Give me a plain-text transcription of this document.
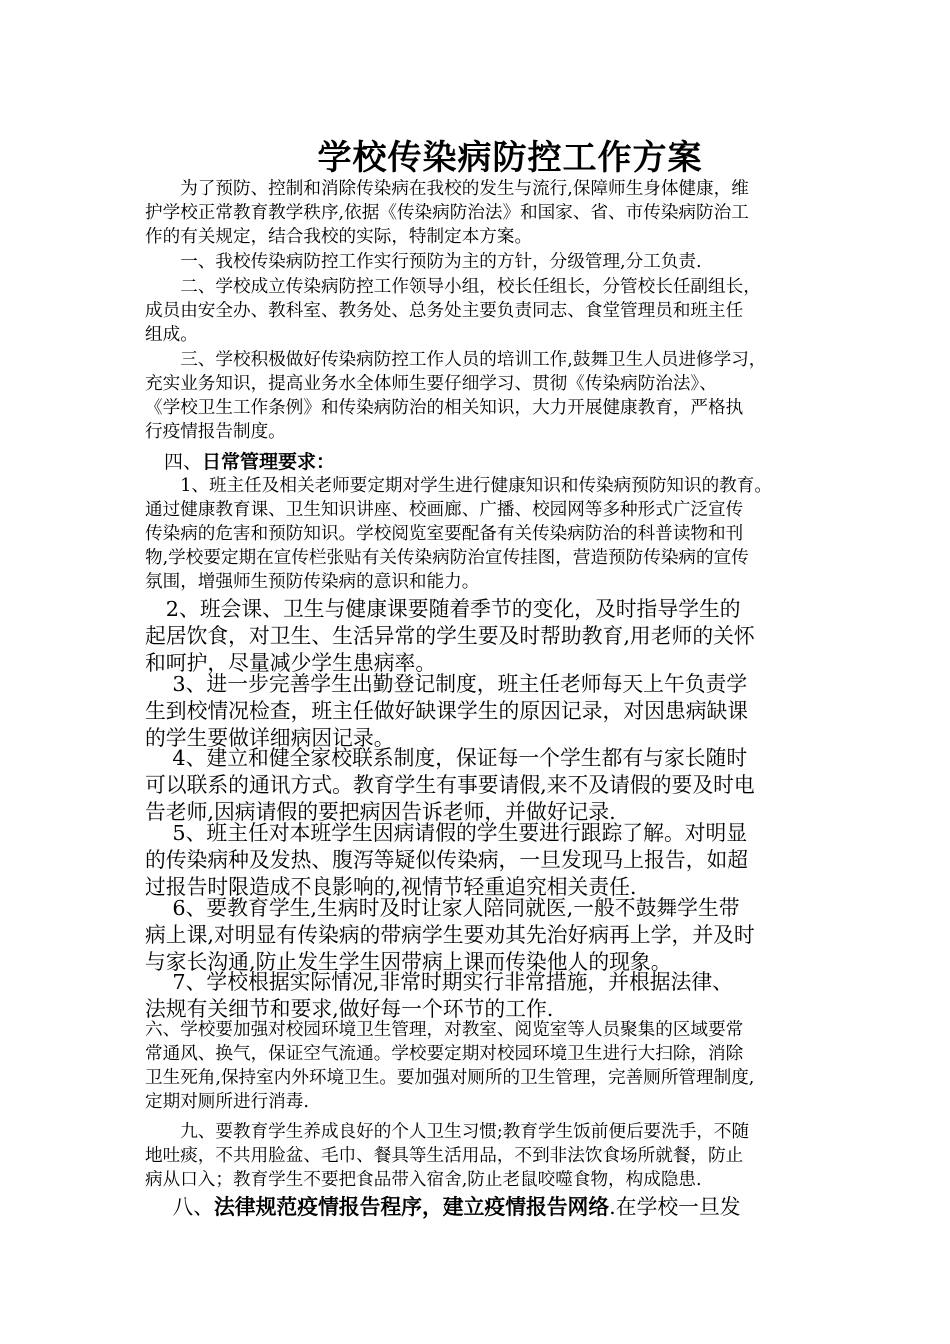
学校传染病防控工作方案
　　为了预防、控制和消除传染病在我校的发生与流行,保障师生身体健康，维
护学校正常教育教学秩序,依据《传染病防治法》和国家、省、市传染病防治工
作的有关规定，结合我校的实际，特制定本方案。
　　一、我校传染病防控工作实行预防为主的方针，分级管理,分工负责.
　　二、学校成立传染病防控工作领导小组，校长任组长，分管校长任副组长，
成员由安全办、教科室、教务处、总务处主要负责同志、食堂管理员和班主任
组成。
　　三、学校积极做好传染病防控工作人员的培训工作,鼓舞卫生人员进修学习，
充实业务知识，提高业务水全体师生要仔细学习、贯彻《传染病防治法》、
《学校卫生工作条例》和传染病防治的相关知识，大力开展健康教育，严格执
行疫情报告制度。
　四、日常管理要求：
　　1、班主任及相关老师要定期对学生进行健康知识和传染病预防知识的教育。
通过健康教育课、卫生知识讲座、校画廊、广播、校园网等多种形式广泛宣传
传染病的危害和预防知识。学校阅览室要配备有关传染病防治的科普读物和刊
物,学校要定期在宣传栏张贴有关传染病防治宣传挂图，营造预防传染病的宣传
氛围，增强师生预防传染病的意识和能力。
　2、班会课、卫生与健康课要随着季节的变化，及时指导学生的
起居饮食，对卫生、生活异常的学生要及时帮助教育,用老师的关怀
和呵护，尽量减少学生患病率。
　 3、进一步完善学生出勤登记制度，班主任老师每天上午负责学
生到校情况检查，班主任做好缺课学生的原因记录，对因患病缺课
的学生要做详细病因记录。
　 4、建立和健全家校联系制度，保证每一个学生都有与家长随时
可以联系的通讯方式。教育学生有事要请假,来不及请假的要及时电
告老师,因病请假的要把病因告诉老师，并做好记录.
　 5、班主任对本班学生因病请假的学生要进行跟踪了解。对明显
的传染病种及发热、腹泻等疑似传染病，一旦发现马上报告，如超
过报告时限造成不良影响的,视情节轻重追究相关责任.
　 6、要教育学生,生病时及时让家人陪同就医,一般不鼓舞学生带
病上课,对明显有传染病的带病学生要劝其先治好病再上学，并及时
与家长沟通,防止发生学生因带病上课而传染他人的现象。
　 7、学校根据实际情况,非常时期实行非常措施，并根据法律、
法规有关细节和要求,做好每一个环节的工作.
六、学校要加强对校园环境卫生管理，对教室、阅览室等人员聚集的区域要常
常通风、换气，保证空气流通。学校要定期对校园环境卫生进行大扫除，消除
卫生死角,保持室内外环境卫生。要加强对厕所的卫生管理，完善厕所管理制度,
定期对厕所进行消毒.
　　九、要教育学生养成良好的个人卫生习惯;教育学生饭前便后要洗手，不随
地吐痰，不共用脸盆、毛巾、餐具等生活用品，不到非法饮食场所就餐，防止
病从口入；教育学生不要把食品带入宿舍,防止老鼠咬噬食物，构成隐患.
　 八、法律规范疫情报告程序，建立疫情报告网络.在学校一旦发
